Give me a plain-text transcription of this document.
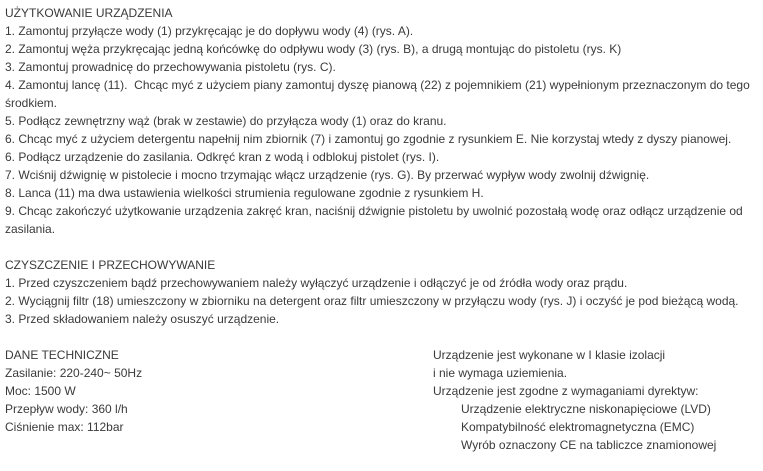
UŻYTKOWANIE URZĄDZENIA
1. Zamontuj przyłącze wody (1) przykręcając je do dopływu wody (4) (rys. A).
2. Zamontuj węża przykręcając jedną końcówkę do odpływu wody (3) (rys. B), a drugą montując do pistoletu (rys. K)
3. Zamontuj prowadnicę do przechowywania pistoletu (rys. C).
4. Zamontuj lancę (11).  Chcąc myć z użyciem piany zamontuj dyszę pianową (22) z pojemnikiem (21) wypełnionym przeznaczonym do tego środkiem.
5. Podłącz zewnętrzny wąż (brak w zestawie) do przyłącza wody (1) oraz do kranu.
6. Chcąc myć z użyciem detergentu napełnij nim zbiornik (7) i zamontuj go zgodnie z rysunkiem E. Nie korzystaj wtedy z dyszy pianowej.
6. Podłącz urządzenie do zasilania. Odkręć kran z wodą i odblokuj pistolet (rys. I).
7. Wciśnij dźwignię w pistolecie i mocno trzymając włącz urządzenie (rys. G). By przerwać wypływ wody zwolnij dźwignię.
8. Lanca (11) ma dwa ustawienia wielkości strumienia regulowane zgodnie z rysunkiem H.
9. Chcąc zakończyć użytkowanie urządzenia zakręć kran, naciśnij dźwignie pistoletu by uwolnić pozostałą wodę oraz odłącz urządzenie od zasilania.
CZYSZCZENIE I PRZECHOWYWANIE
1. Przed czyszczeniem bądź przechowywaniem należy wyłączyć urządzenie i odłączyć je od źródła wody oraz prądu.
2. Wyciągnij filtr (18) umieszczony w zbiorniku na detergent oraz filtr umieszczony w przyłączu wody (rys. J) i oczyść je pod bieżącą wodą.
3. Przed składowaniem należy osuszyć urządzenie.
DANE TECHNICZNE
Zasilanie: 220-240~ 50Hz
Moc: 1500 W
Przepływ wody: 360 l/h
Ciśnienie max: 112bar
Urządzenie jest wykonane w I klasie izolacji
i nie wymaga uziemienia.
Urządzenie jest zgodne z wymaganiami dyrektyw:
Urządzenie elektryczne niskonapięciowe (LVD)
Kompatybilność elektromagnetyczna (EMC)
Wyrób oznaczony CE na tabliczce znamionowej
